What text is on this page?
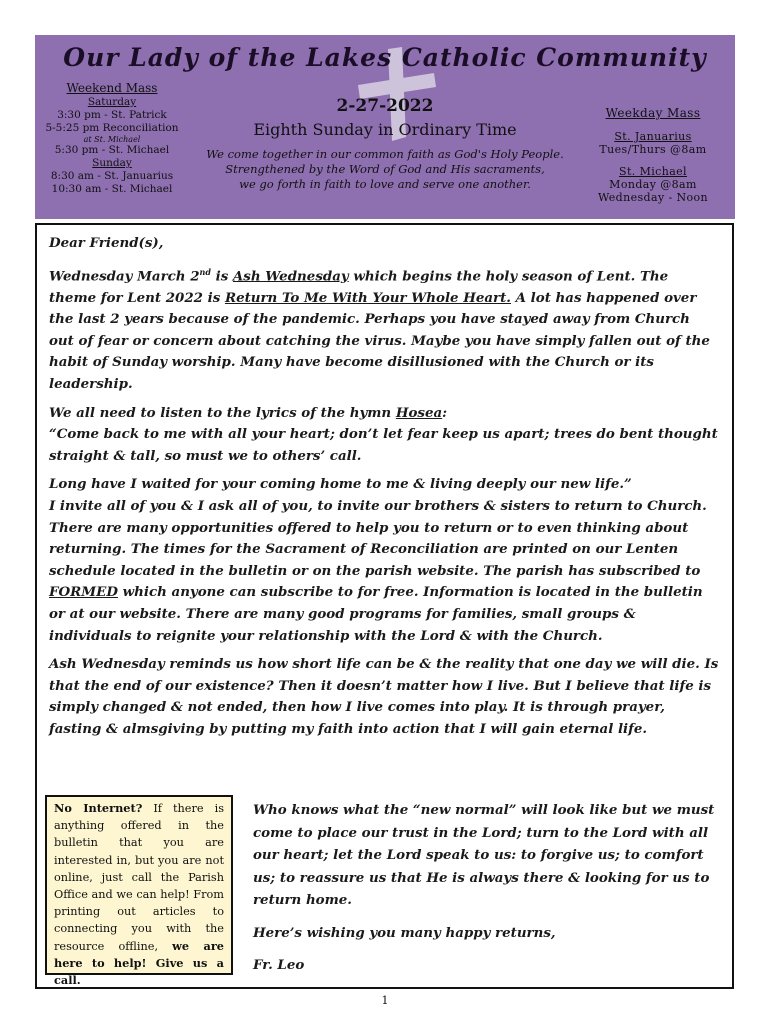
Our Lady of the Lakes Catholic Community
Weekend Mass
Saturday
3:30 pm - St. Patrick
5-5:25 pm Reconciliation
at St. Michael
5:30 pm - St. Michael
Sunday
8:30 am - St. Januarius
10:30 am - St. Michael
2-27-2022
Eighth Sunday in Ordinary Time
We come together in our common faith as God's Holy People.
Strengthened by the Word of God and His sacraments,
we go forth in faith to love and serve one another.
Weekday Mass
St. Januarius
Tues/Thurs @8am
St. Michael
Monday @8am
Wednesday - Noon

Dear Friend(s),

Wednesday March 2nd is Ash Wednesday which begins the holy season of Lent. The theme for Lent 2022 is Return To Me With Your Whole Heart. A lot has happened over the last 2 years because of the pandemic. Perhaps you have stayed away from Church out of fear or concern about catching the virus. Maybe you have simply fallen out of the habit of Sunday worship. Many have become disillusioned with the Church or its leadership.

We all need to listen to the lyrics of the hymn Hosea:

“Come back to me with all your heart; don’t let fear keep us apart; trees do bent thought straight & tall, so must we to others’ call.

Long have I waited for your coming home to me & living deeply our new life.”
I invite all of you & I ask all of you, to invite our brothers & sisters to return to Church. There are many opportunities offered to help you to return or to even thinking about returning. The times for the Sacrament of Reconciliation are printed on our Lenten schedule located in the bulletin or on the parish website. The parish has subscribed to FORMED which anyone can subscribe to for free. Information is located in the bulletin or at our website. There are many good programs for families, small groups & individuals to reignite your relationship with the Lord & with the Church.

Ash Wednesday reminds us how short life can be & the reality that one day we will die. Is that the end of our existence? Then it doesn’t matter how I live. But I believe that life is simply changed & not ended, then how I live comes into play. It is through prayer, fasting & almsgiving by putting my faith into action that I will gain eternal life.

No Internet? If there is anything offered in the bulletin that you are interested in, but you are not online, just call the Parish Office and we can help! From printing out articles to connecting you with the resource offline, we are here to help! Give us a call.

Who knows what the “new normal” will look like but we must come to place our trust in the Lord; turn to the Lord with all our heart; let the Lord speak to us: to forgive us; to comfort us; to reassure us that He is always there & looking for us to return home.

Here’s wishing you many happy returns,

Fr. Leo

1
